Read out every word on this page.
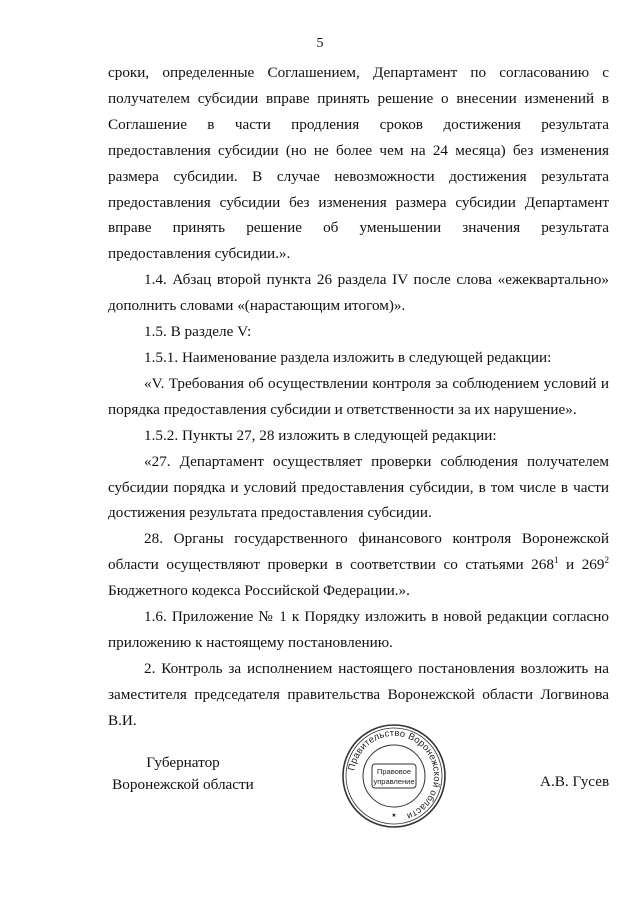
5

сроки, определенные Соглашением, Департамент по согласованию с получателем субсидии вправе принять решение о внесении изменений в Соглашение в части продления сроков достижения результата предоставления субсидии (но не более чем на 24 месяца) без изменения размера субсидии. В случае невозможности достижения результата предоставления субсидии без изменения размера субсидии Департамент вправе принять решение об уменьшении значения результата предоставления субсидии.».

1.4. Абзац второй пункта 26 раздела IV после слова «ежеквартально» дополнить словами «(нарастающим итогом)».

1.5. В разделе V:

1.5.1. Наименование раздела изложить в следующей редакции:

«V. Требования об осуществлении контроля за соблюдением условий и порядка предоставления субсидии и ответственности за их нарушение».

1.5.2. Пункты 27, 28 изложить в следующей редакции:

«27. Департамент осуществляет проверки соблюдения получателем субсидии порядка и условий предоставления субсидии, в том числе в части достижения результата предоставления субсидии.

28. Органы государственного финансового контроля Воронежской области осуществляют проверки в соответствии со статьями $268^1$ и $269^2$ Бюджетного кодекса Российской Федерации.».

1.6. Приложение № 1 к Порядку изложить в новой редакции согласно приложению к настоящему постановлению.

2. Контроль за исполнением настоящего постановления возложить на заместителя председателя правительства Воронежской области Логвинова В.И.

Губернатор
Воронежской области
Правительство Воронежской области
Правовое
управление
★
А.В. Гусев
